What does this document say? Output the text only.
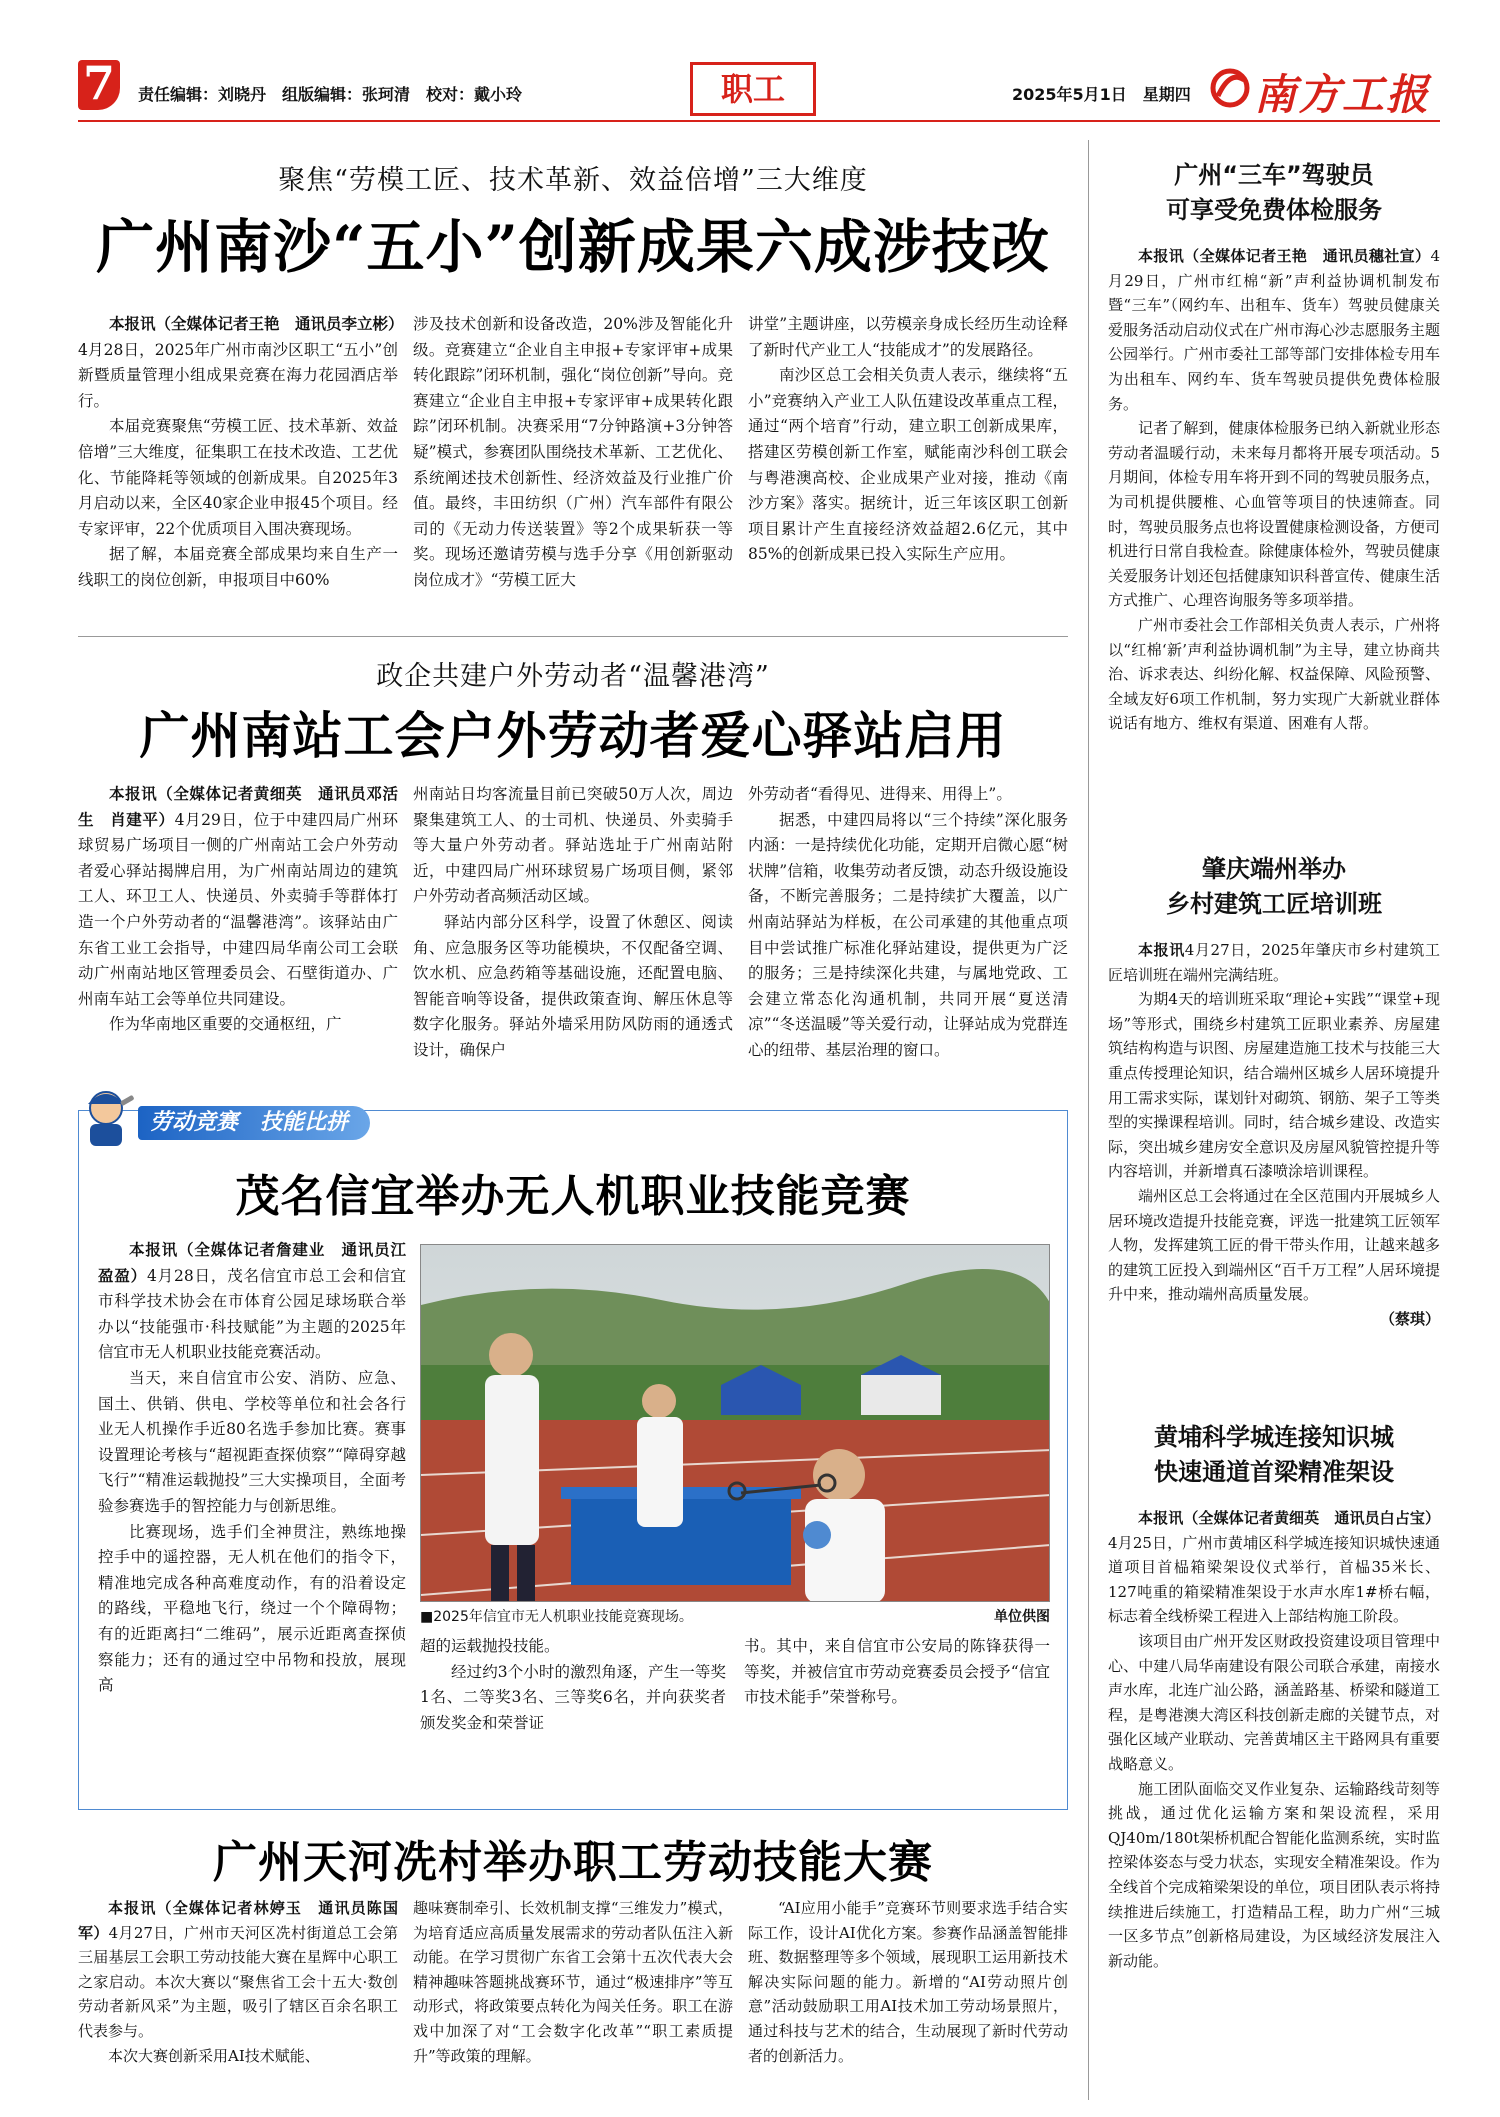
7	责任编辑：刘晓丹　组版编辑：张珂清　校对：戴小玲	职工	2025年5月1日　星期四 南方工报
聚焦“劳模工匠、技术革新、效益倍增”三大维度
广州南沙“五小”创新成果六成涉技改

本报讯（全媒体记者王艳　通讯员李立彬）4月28日，2025年广州市南沙区职工“五小”创新暨质量管理小组成果竞赛在海力花园酒店举行。

本届竞赛聚焦“劳模工匠、技术革新、效益倍增”三大维度，征集职工在技术改造、工艺优化、节能降耗等领域的创新成果。自2025年3月启动以来，全区40家企业申报45个项目。经专家评审，22个优质项目入围决赛现场。

据了解，本届竞赛全部成果均来自生产一线职工的岗位创新，申报项目中60%

涉及技术创新和设备改造，20%涉及智能化升级。竞赛建立“企业自主申报+专家评审+成果转化跟踪”闭环机制，强化“岗位创新”导向。竞赛建立“企业自主申报+专家评审+成果转化跟踪”闭环机制。决赛采用“7分钟路演+3分钟答疑”模式，参赛团队围绕技术革新、工艺优化、系统阐述技术创新性、经济效益及行业推广价值。最终，丰田纺织（广州）汽车部件有限公司的《无动力传送装置》等2个成果斩获一等奖。现场还邀请劳模与选手分享《用创新驱动岗位成才》“劳模工匠大

讲堂”主题讲座，以劳模亲身成长经历生动诠释了新时代产业工人“技能成才”的发展路径。

南沙区总工会相关负责人表示，继续将“五小”竞赛纳入产业工人队伍建设改革重点工程，通过“两个培育”行动，建立职工创新成果库，搭建区劳模创新工作室，赋能南沙科创工联会与粤港澳高校、企业成果产业对接，推动《南沙方案》落实。据统计，近三年该区职工创新项目累计产生直接经济效益超2.6亿元，其中85%的创新成果已投入实际生产应用。

政企共建户外劳动者“温馨港湾”
广州南站工会户外劳动者爱心驿站启用

本报讯（全媒体记者黄细英　通讯员邓活生　肖建平）4月29日，位于中建四局广州环球贸易广场项目一侧的广州南站工会户外劳动者爱心驿站揭牌启用，为广州南站周边的建筑工人、环卫工人、快递员、外卖骑手等群体打造一个户外劳动者的“温馨港湾”。该驿站由广东省工业工会指导，中建四局华南公司工会联动广州南站地区管理委员会、石壁街道办、广州南车站工会等单位共同建设。

作为华南地区重要的交通枢纽，广

州南站日均客流量目前已突破50万人次，周边聚集建筑工人、的士司机、快递员、外卖骑手等大量户外劳动者。驿站选址于广州南站附近，中建四局广州环球贸易广场项目侧，紧邻户外劳动者高频活动区域。

驿站内部分区科学，设置了休憩区、阅读角、应急服务区等功能模块，不仅配备空调、饮水机、应急药箱等基础设施，还配置电脑、智能音响等设备，提供政策查询、解压休息等数字化服务。驿站外墙采用防风防雨的通透式设计，确保户

外劳动者“看得见、进得来、用得上”。

据悉，中建四局将以“三个持续”深化服务内涵：一是持续优化功能，定期开启微心愿“树状牌”信箱，收集劳动者反馈，动态升级设施设备，不断完善服务；二是持续扩大覆盖，以广州南站驿站为样板，在公司承建的其他重点项目中尝试推广标准化驿站建设，提供更为广泛的服务；三是持续深化共建，与属地党政、工会建立常态化沟通机制，共同开展“夏送清凉”“冬送温暖”等关爱行动，让驿站成为党群连心的纽带、基层治理的窗口。

劳动竞赛　技能比拼
茂名信宜举办无人机职业技能竞赛

本报讯（全媒体记者詹建业　通讯员江盈盈）4月28日，茂名信宜市总工会和信宜市科学技术协会在市体育公园足球场联合举办以“技能强市·科技赋能”为主题的2025年信宜市无人机职业技能竞赛活动。

当天，来自信宜市公安、消防、应急、国土、供销、供电、学校等单位和社会各行业无人机操作手近80名选手参加比赛。赛事设置理论考核与“超视距查探侦察”“障碍穿越飞行”“精准运载抛投”三大实操项目，全面考验参赛选手的智控能力与创新思维。

比赛现场，选手们全神贯注，熟练地操控手中的遥控器，无人机在他们的指令下，精准地完成各种高难度动作，有的沿着设定的路线，平稳地飞行，绕过一个个障碍物；有的近距离扫“二维码”，展示近距离查探侦察能力；还有的通过空中吊物和投放，展现高

■2025年信宜市无人机职业技能竞赛现场。	单位供图

超的运载抛投技能。

经过约3个小时的激烈角逐，产生一等奖1名、二等奖3名、三等奖6名，并向获奖者颁发奖金和荣誉证

书。其中，来自信宜市公安局的陈锋获得一等奖，并被信宜市劳动竞赛委员会授予“信宜市技术能手”荣誉称号。

广州天河冼村举办职工劳动技能大赛

本报讯（全媒体记者林婷玉　通讯员陈国军）4月27日，广州市天河区冼村街道总工会第三届基层工会职工劳动技能大赛在星辉中心职工之家启动。本次大赛以“聚焦省工会十五大·数创劳动者新风采”为主题，吸引了辖区百余名职工代表参与。

本次大赛创新采用AI技术赋能、

趣味赛制牵引、长效机制支撑“三维发力”模式，为培育适应高质量发展需求的劳动者队伍注入新动能。在学习贯彻广东省工会第十五次代表大会精神趣味答题挑战赛环节，通过“极速排序”等互动形式，将政策要点转化为闯关任务。职工在游戏中加深了对“工会数字化改革”“职工素质提升”等政策的理解。

“AI应用小能手”竞赛环节则要求选手结合实际工作，设计AI优化方案。参赛作品涵盖智能排班、数据整理等多个领域，展现职工运用新技术解决实际问题的能力。新增的“AI劳动照片创意”活动鼓励职工用AI技术加工劳动场景照片，通过科技与艺术的结合，生动展现了新时代劳动者的创新活力。

广州“三车”驾驶员
可享受免费体检服务

本报讯（全媒体记者王艳　通讯员穗社宣）4月29日，广州市红棉“新”声利益协调机制发布暨“三车”（网约车、出租车、货车）驾驶员健康关爱服务活动启动仪式在广州市海心沙志愿服务主题公园举行。广州市委社工部等部门安排体检专用车为出租车、网约车、货车驾驶员提供免费体检服务。

记者了解到，健康体检服务已纳入新就业形态劳动者温暖行动，未来每月都将开展专项活动。5月期间，体检专用车将开到不同的驾驶员服务点，为司机提供腰椎、心血管等项目的快速筛查。同时，驾驶员服务点也将设置健康检测设备，方便司机进行日常自我检查。除健康体检外，驾驶员健康关爱服务计划还包括健康知识科普宣传、健康生活方式推广、心理咨询服务等多项举措。

广州市委社会工作部相关负责人表示，广州将以“红棉‘新’声利益协调机制”为主导，建立协商共治、诉求表达、纠纷化解、权益保障、风险预警、全域友好6项工作机制，努力实现广大新就业群体说话有地方、维权有渠道、困难有人帮。

肇庆端州举办
乡村建筑工匠培训班

本报讯4月27日，2025年肇庆市乡村建筑工匠培训班在端州完满结班。

为期4天的培训班采取“理论+实践”“课堂+现场”等形式，围绕乡村建筑工匠职业素养、房屋建筑结构构造与识图、房屋建造施工技术与技能三大重点传授理论知识，结合端州区城乡人居环境提升用工需求实际，谋划针对砌筑、钢筋、架子工等类型的实操课程培训。同时，结合城乡建设、改造实际，突出城乡建房安全意识及房屋风貌管控提升等内容培训，并新增真石漆喷涂培训课程。

端州区总工会将通过在全区范围内开展城乡人居环境改造提升技能竞赛，评选一批建筑工匠领军人物，发挥建筑工匠的骨干带头作用，让越来越多的建筑工匠投入到端州区“百千万工程”人居环境提升中来，推动端州高质量发展。

（蔡琪）
黄埔科学城连接知识城
快速通道首梁精准架设

本报讯（全媒体记者黄细英　通讯员白占宝）4月25日，广州市黄埔区科学城连接知识城快速通道项目首榀箱梁架设仪式举行，首榀35米长、127吨重的箱梁精准架设于水声水库1#桥右幅，标志着全线桥梁工程进入上部结构施工阶段。

该项目由广州开发区财政投资建设项目管理中心、中建八局华南建设有限公司联合承建，南接水声水库，北连广汕公路，涵盖路基、桥梁和隧道工程，是粤港澳大湾区科技创新走廊的关键节点，对强化区域产业联动、完善黄埔区主干路网具有重要战略意义。

施工团队面临交叉作业复杂、运输路线苛刻等挑战，通过优化运输方案和架设流程，采用QJ40m/180t架桥机配合智能化监测系统，实时监控梁体姿态与受力状态，实现安全精准架设。作为全线首个完成箱梁架设的单位，项目团队表示将持续推进后续施工，打造精品工程，助力广州“三城一区多节点”创新格局建设，为区域经济发展注入新动能。
